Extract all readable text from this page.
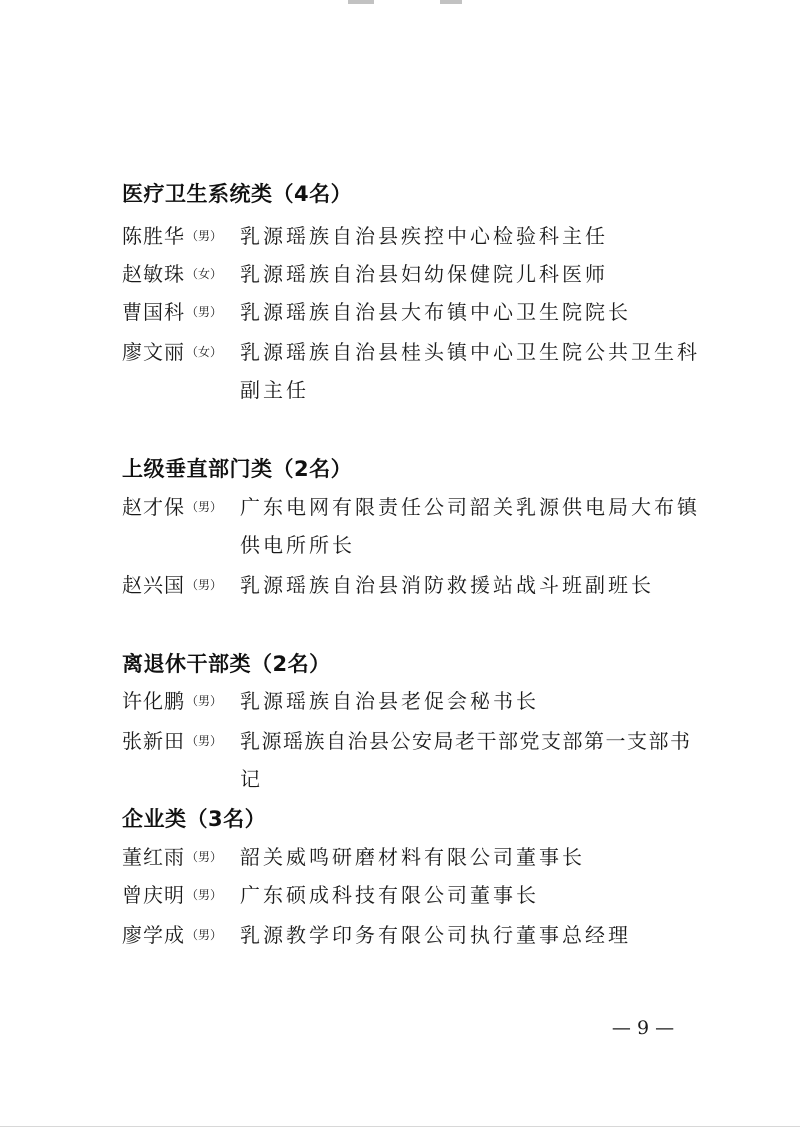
医疗卫生系统类（4名）
陈胜华 （男） 乳源瑶族自治县疾控中心检验科主任
赵敏珠 （女） 乳源瑶族自治县妇幼保健院儿科医师
曹国科 （男） 乳源瑶族自治县大布镇中心卫生院院长
廖文丽 （女） 乳源瑶族自治县桂头镇中心卫生院公共卫生科副主任
上级垂直部门类（2名）
赵才保 （男） 广东电网有限责任公司韶关乳源供电局大布镇供电所所长
赵兴国 （男） 乳源瑶族自治县消防救援站战斗班副班长
离退休干部类（2名）
许化鹏 （男） 乳源瑶族自治县老促会秘书长
张新田 （男） 乳源瑶族自治县公安局老干部党支部第一支部书记
企业类（3名）
董红雨 （男） 韶关威鸣研磨材料有限公司董事长
曾庆明 （男） 广东硕成科技有限公司董事长
廖学成 （男） 乳源教学印务有限公司执行董事总经理
— 9 —
